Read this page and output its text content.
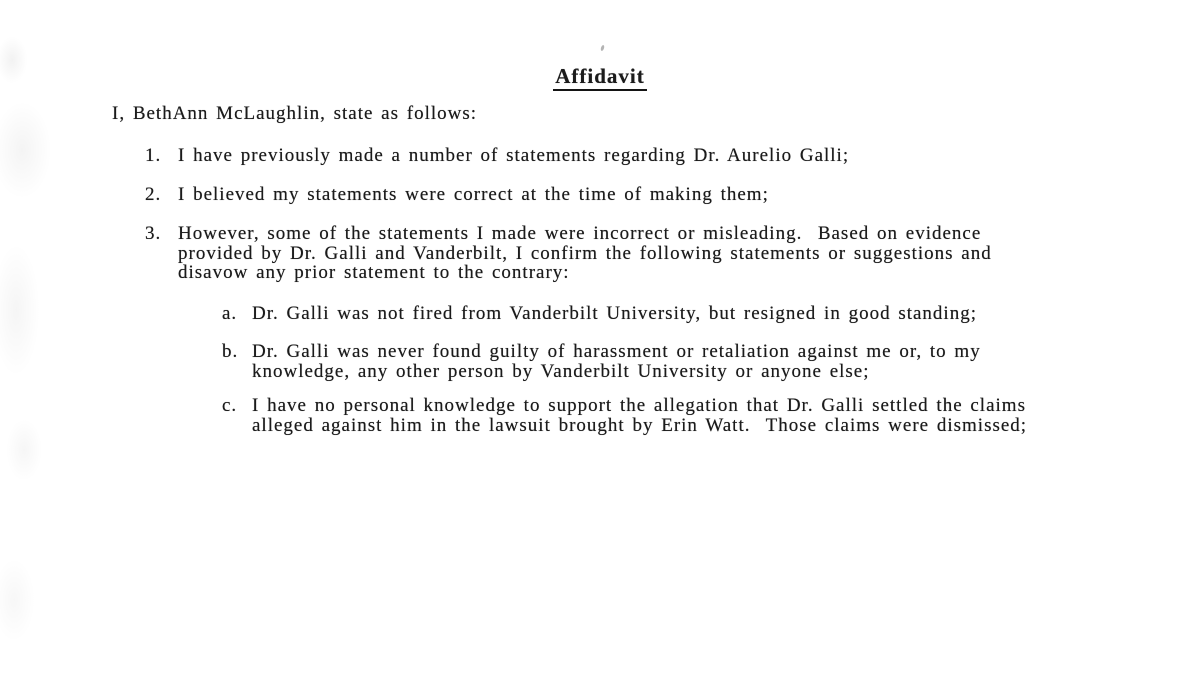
Affidavit
I, BethAnn McLaughlin, state as follows:
1. I have previously made a number of statements regarding Dr. Aurelio Galli;
2. I believed my statements were correct at the time of making them;
3. However, some of the statements I made were incorrect or misleading.  Based on evidence provided by Dr. Galli and Vanderbilt, I confirm the following statements or suggestions and disavow any prior statement to the contrary:
a. Dr. Galli was not fired from Vanderbilt University, but resigned in good standing;
b. Dr. Galli was never found guilty of harassment or retaliation against me or, to my knowledge, any other person by Vanderbilt University or anyone else;
c. I have no personal knowledge to support the allegation that Dr. Galli settled the claims alleged against him in the lawsuit brought by Erin Watt.  Those claims were dismissed;
